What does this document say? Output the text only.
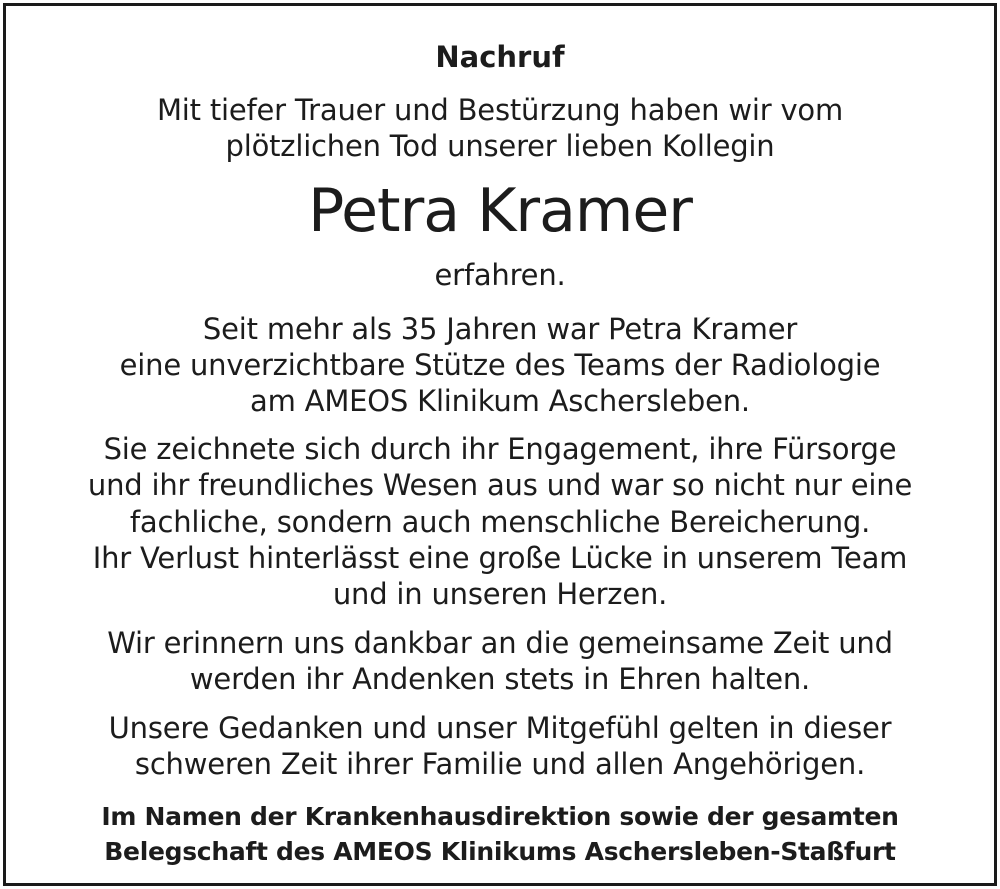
Nachruf
Mit tiefer Trauer und Bestürzung haben wir vom
plötzlichen Tod unserer lieben Kollegin
Petra Kramer
erfahren.
Seit mehr als 35 Jahren war Petra Kramer
eine unverzichtbare Stütze des Teams der Radiologie
am AMEOS Klinikum Aschersleben.
Sie zeichnete sich durch ihr Engagement, ihre Fürsorge
und ihr freundliches Wesen aus und war so nicht nur eine
fachliche, sondern auch menschliche Bereicherung.
Ihr Verlust hinterlässt eine große Lücke in unserem Team
und in unseren Herzen.
Wir erinnern uns dankbar an die gemeinsame Zeit und
werden ihr Andenken stets in Ehren halten.
Unsere Gedanken und unser Mitgefühl gelten in dieser
schweren Zeit ihrer Familie und allen Angehörigen.
Im Namen der Krankenhausdirektion sowie der gesamten
Belegschaft des AMEOS Klinikums Aschersleben-Staßfurt
